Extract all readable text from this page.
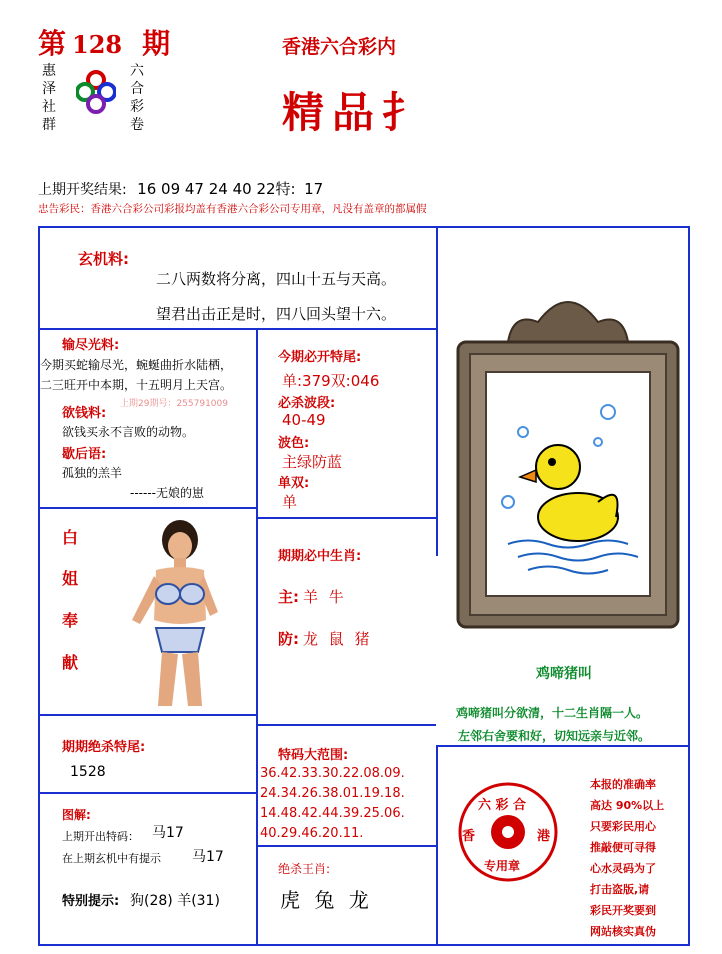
第 128 期
惠泽社群
六合彩卷
香港六合彩内
精品扌
上期开奖结果: 16 09 47 24 40 22特: 17
忠告彩民：香港六合彩公司彩报均盖有香港六合彩公司专用章，凡没有盖章的都属假
玄机料:
二八两数将分离，四山十五与天高。
望君出击正是时，四八回头望十六。
输尽光料:
今期买蛇输尽光，蜿蜒曲折水陆栖，
二三旺开中本期，十五明月上天宫。
上期29期号：255791009
欲钱料:
欲钱买永不言败的动物。
歇后语:
孤独的羔羊
------无娘的崽
白
姐
奉
献
今期必开特尾:
单:379双:046
必杀波段:
40-49
波色:
主绿防蓝
单双:
单
期期必中生肖:
主: 羊 牛
防: 龙 鼠 猪
鸡啼猪叫
鸡啼猪叫分欲清，十二生肖隔一人。
左邻右舍要和好，切知远亲与近邻。
期期绝杀特尾:
1528
图解:
上期开出特码： 马17
在上期玄机中有提示 马17
特别提示: 狗(28) 羊(31)
特码大范围:
36.42.33.30.22.08.09.
24.34.26.38.01.19.18.
14.48.42.44.39.25.06.
40.29.46.20.11.
绝杀王肖:
虎 兔 龙
六 彩 合
香	港
专用章
本报的准确率
高达 90%以上
只要彩民用心
推敲便可寻得
心水灵码为了
打击盗版,请
彩民开奖要到
网站核实真伪
